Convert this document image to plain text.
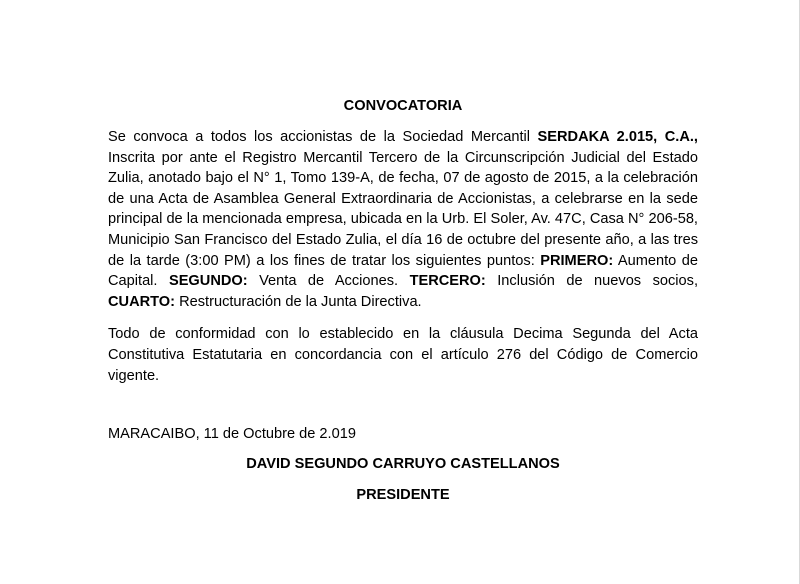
CONVOCATORIA

Se convoca a todos los accionistas de la Sociedad Mercantil SERDAKA 2.015, C.A., Inscrita por ante el Registro Mercantil Tercero de la Circunscripción Judicial del Estado Zulia, anotado bajo el N° 1, Tomo 139-A, de fecha, 07 de agosto de 2015, a la celebración de una Acta de Asamblea General Extraordinaria de Accionistas, a celebrarse en la sede principal de la mencionada empresa, ubicada en la Urb. El Soler, Av. 47C, Casa N° 206-58, Municipio San Francisco del Estado Zulia, el día 16 de octubre del presente año, a las tres de la tarde (3:00 PM) a los fines de tratar los siguientes puntos: PRIMERO: Aumento de Capital. SEGUNDO: Venta de Acciones. TERCERO: Inclusión de nuevos socios, CUARTO: Restructuración de la Junta Directiva.

Todo de conformidad con lo establecido en la cláusula Decima Segunda del Acta Constitutiva Estatutaria en concordancia con el artículo 276 del Código de Comercio vigente.

MARACAIBO, 11 de Octubre de 2.019
DAVID SEGUNDO CARRUYO CASTELLANOS
PRESIDENTE
